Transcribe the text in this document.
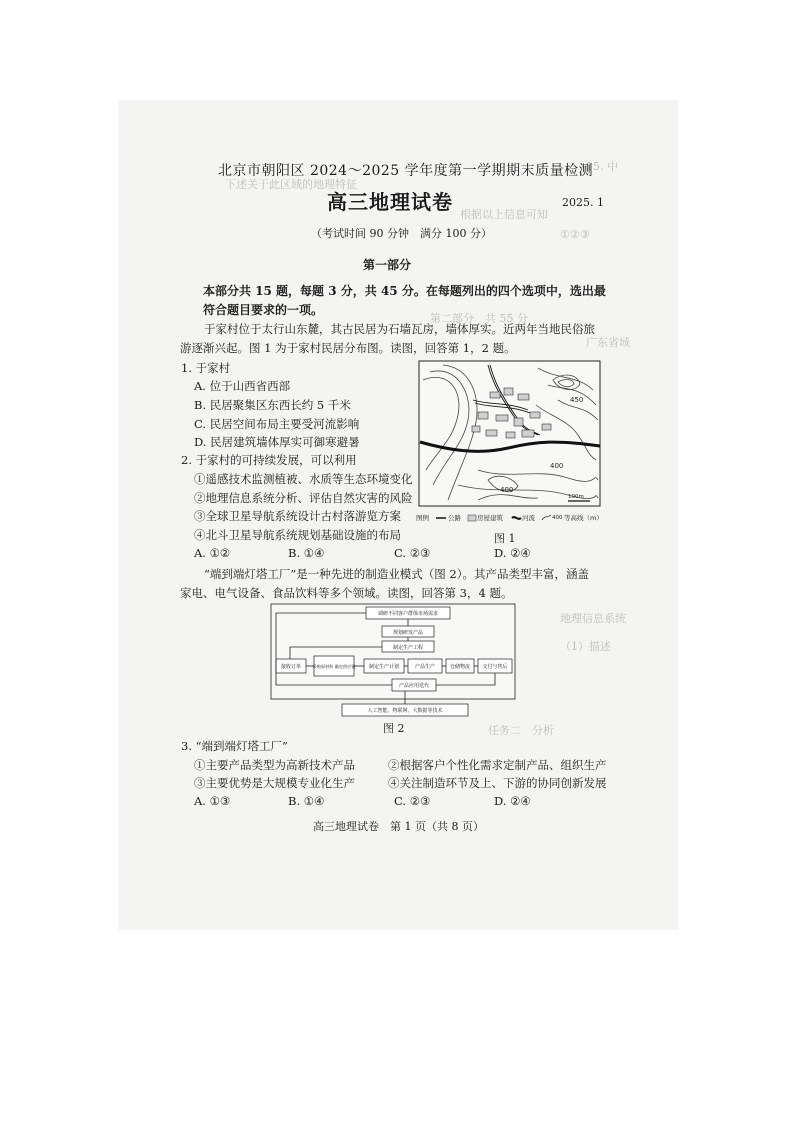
15. 中
下述关于此区域的地理特征
根据以上信息可知
①②③
第二部分　共 55 分
广东省域
地理信息系统
（1）描述
任务二　分析
北京市朝阳区 2024～2025 学年度第一学期期末质量检测
高三地理试卷	2025. 1
（考试时间 90 分钟　满分 100 分）
第一部分
本部分共 15 题，每题 3 分，共 45 分。在每题列出的四个选项中，选出最符合题目要求的一项。
于家村位于太行山东麓，其古民居为石墙瓦房，墙体厚实。近两年当地民俗旅游逐渐兴起。图 1 为于家村民居分布图。读图，回答第 1，2 题。
1. 于家村
A. 位于山西省西部
B. 民居聚集区东西长约 5 千米
C. 民居空间布局主要受河流影响
D. 民居建筑墙体厚实可御寒避暑
2. 于家村的可持续发展，可以利用
①遥感技术监测植被、水质等生态环境变化
②地理信息系统分析、评估自然灾害的风险
③全球卫星导航系统设计古村落游览方案
④北斗卫星导航系统规划基础设施的布局
A. ①②	B. ①④	C. ②③	D. ②④
450
400
400
100m
图例	公路 房屋建筑	河流	400 等高线（m）
图 1
“端到端灯塔工厂”是一种先进的制造业模式（图 2）。其产品类型丰富，涵盖家电、电气设备、食品饮料等多个领域。读图，回答第 3，4 题。
调研不同客户群体市场需求
规划研发产品
制定生产工程
接收订单	采购原材料 确定供应链	制定生产计划	产品生产	仓储物流 交付与售后
产品应用迭代
人工智能、物联网、大数据等技术
图 2
3. “端到端灯塔工厂”
①主要产品类型为高新技术产品	②根据客户个性化需求定制产品、组织生产
③主要优势是大规模专业化生产	④关注制造环节及上、下游的协同创新发展
A. ①③	B. ①④	C. ②③	D. ②④
高三地理试卷　第 1 页（共 8 页）
